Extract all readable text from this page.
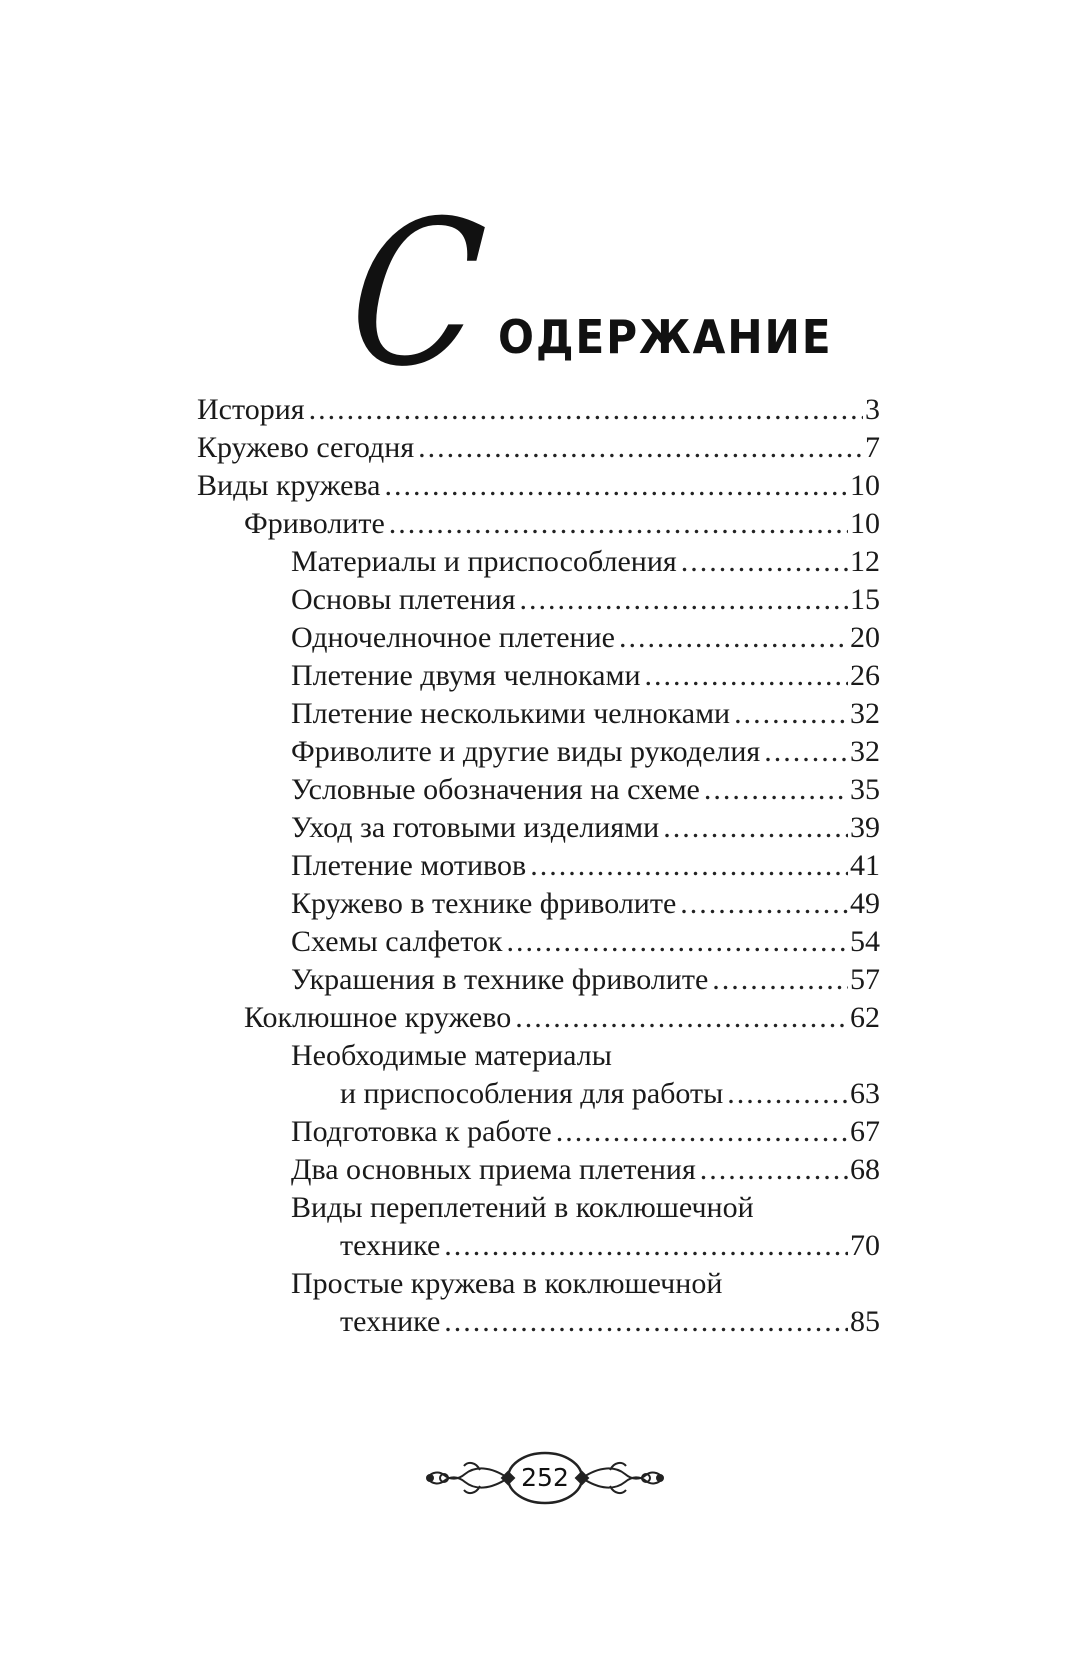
С ОДЕРЖАНИЕ
История .....	3
Кружево сегодня .....	7
Виды кружева .....	10
Фриволите .....	10
Материалы и приспособления .....	12
Основы плетения .....	15
Одночелночное плетение .....	20
Плетение двумя челноками .....	26
Плетение несколькими челноками .....	32
Фриволите и другие виды рукоделия .....	32
Условные обозначения на схеме .....	35
Уход за готовыми изделиями .....	39
Плетение мотивов .....	41
Кружево в технике фриволите .....	49
Схемы салфеток .....	54
Украшения в технике фриволите .....	57
Коклюшное кружево .....	62
Необходимые материалы
и приспособления для работы .....	63
Подготовка к работе .....	67
Два основных приема плетения .....	68
Виды переплетений в коклюшечной
технике .....	70
Простые кружева в коклюшечной
технике .....	85
252
